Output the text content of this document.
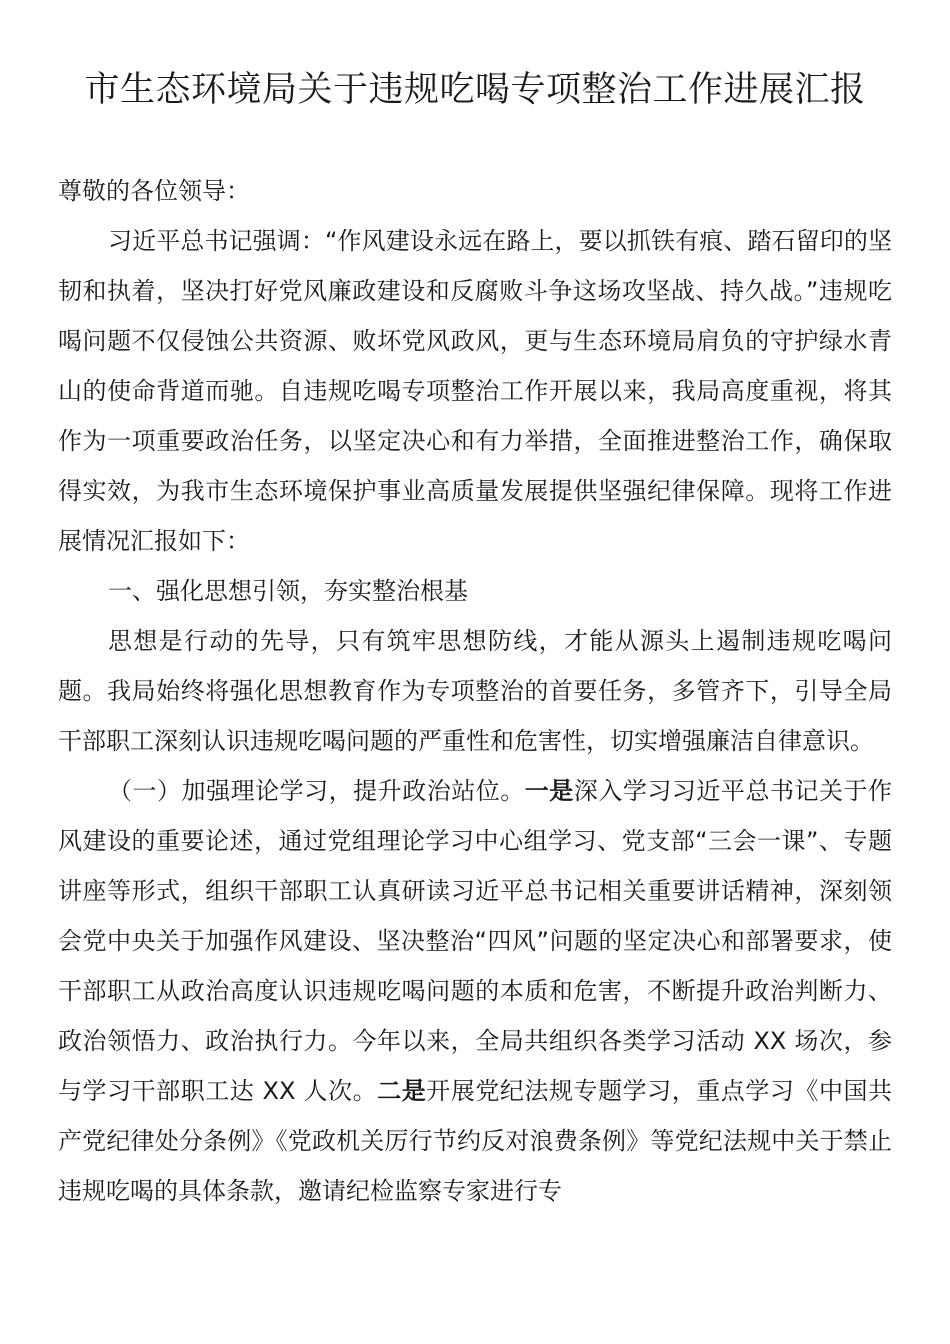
市生态环境局关于违规吃喝专项整治工作进展汇报

尊敬的各位领导：

习近平总书记强调：“作风建设永远在路上，要以抓铁有痕、踏石留印的坚韧和执着，坚决打好党风廉政建设和反腐败斗争这场攻坚战、持久战。”违规吃喝问题不仅侵蚀公共资源、败坏党风政风，更与生态环境局肩负的守护绿水青山的使命背道而驰。自违规吃喝专项整治工作开展以来，我局高度重视，将其作为一项重要政治任务，以坚定决心和有力举措，全面推进整治工作，确保取得实效，为我市生态环境保护事业高质量发展提供坚强纪律保障。现将工作进展情况汇报如下：

一、强化思想引领，夯实整治根基

思想是行动的先导，只有筑牢思想防线，才能从源头上遏制违规吃喝问题。我局始终将强化思想教育作为专项整治的首要任务，多管齐下，引导全局干部职工深刻认识违规吃喝问题的严重性和危害性，切实增强廉洁自律意识。

（一）加强理论学习，提升政治站位。一是深入学习习近平总书记关于作风建设的重要论述，通过党组理论学习中心组学习、党支部“三会一课”、专题讲座等形式，组织干部职工认真研读习近平总书记相关重要讲话精神，深刻领会党中央关于加强作风建设、坚决整治“四风”问题的坚定决心和部署要求，使干部职工从政治高度认识违规吃喝问题的本质和危害，不断提升政治判断力、政治领悟力、政治执行力。今年以来，全局共组织各类学习活动 XX 场次，参与学习干部职工达 XX 人次。二是开展党纪法规专题学习，重点学习《中国共产党纪律处分条例》《党政机关厉行节约反对浪费条例》等党纪法规中关于禁止违规吃喝的具体条款，邀请纪检监察专家进行专
